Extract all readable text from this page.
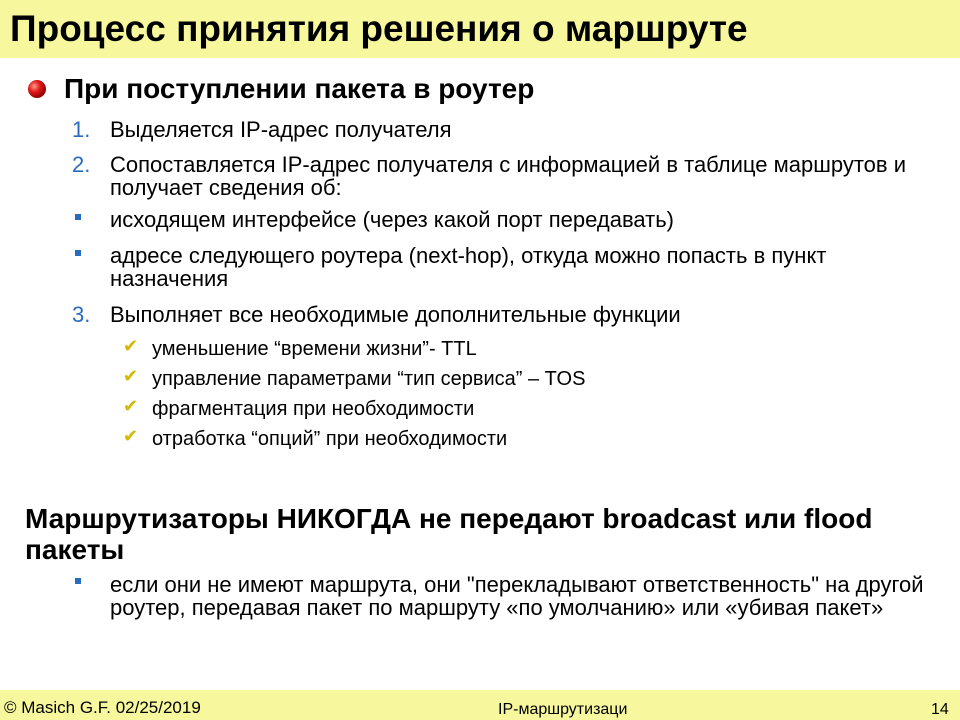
Процесс принятия решения о маршруте
При поступлении пакета в роутер
1. Выделяется IP-адрес получателя
2. Сопоставляется IP-адрес получателя с информацией в таблице маршрутов и получает сведения об:
исходящем интерфейсе (через какой порт передавать)
адресе следующего роутера (next-hop), откуда можно попасть в пункт назначения
3. Выполняет все необходимые дополнительные функции
✔ уменьшение “времени жизни”- TTL
✔ управление параметрами “тип сервиса” – TOS
✔ фрагментация при необходимости
✔ отработка “опций” при необходимости
Маршрутизаторы НИКОГДА не передают broadcast или flood пакеты
если они не имеют маршрута, они "перекладывают ответственность" на другой роутер, передавая пакет по маршруту «по умолчанию» или «убивая пакет»
© Masich G.F. 02/25/2019	IP-маршрутизаци	14
